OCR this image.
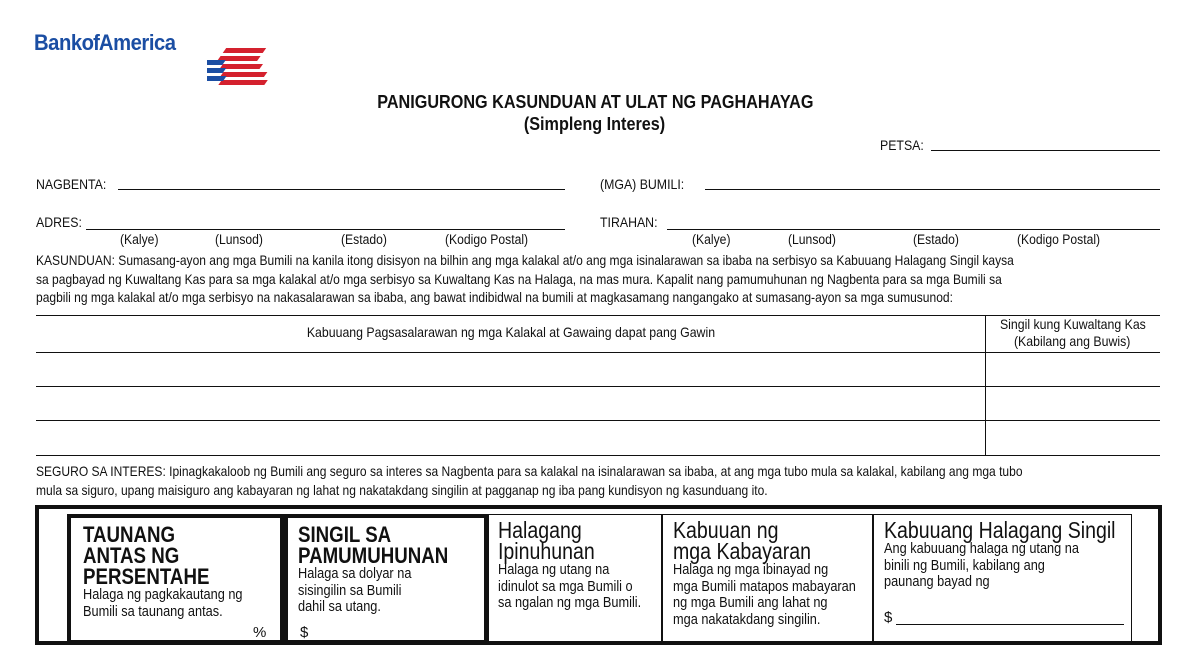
BankofAmerica
PANIGURONG KASUNDUAN AT ULAT NG PAGHAHAYAG
(Simpleng Interes)
PETSA:
NAGBENTA:	(MGA) BUMILI:
ADRES:	TIRAHAN:
(Kalye)	(Lunsod)	(Estado)	(Kodigo Postal)	(Kalye)	(Lunsod)	(Estado)	(Kodigo Postal)
KASUNDUAN: Sumasang-ayon ang mga Bumili na kanila itong disisyon na bilhin ang mga kalakal at/o ang mga isinalarawan sa ibaba na serbisyo sa Kabuuang Halagang Singil kaysa
sa pagbayad ng Kuwaltang Kas para sa mga kalakal at/o mga serbisyo sa Kuwaltang Kas na Halaga, na mas mura. Kapalit nang pamumuhunan ng Nagbenta para sa mga Bumili sa
pagbili ng mga kalakal at/o mga serbisyo na nakasalarawan sa ibaba, ang bawat indibidwal na bumili at magkasamang nangangako at sumasang-ayon sa mga sumusunod:
Kabuuang Pagsasalarawan ng mga Kalakal at Gawaing dapat pang Gawin	Singil kung Kuwaltang Kas
(Kabilang ang Buwis)
SEGURO SA INTERES: Ipinagkakaloob ng Bumili ang seguro sa interes sa Nagbenta para sa kalakal na isinalarawan sa ibaba, at ang mga tubo mula sa kalakal, kabilang ang mga tubo
mula sa siguro, upang maisiguro ang kabayaran ng lahat ng nakatakdang singilin at pagganap ng iba pang kundisyon ng kasunduang ito.
TAUNANG
ANTAS NG
PERSENTAHE
Halaga ng pagkakautang ng
Bumili sa taunang antas.
%
SINGIL SA
PAMUMUHUNAN
Halaga sa dolyar na
sisingilin sa Bumili
dahil sa utang.
$
Halagang
Ipinuhunan
Halaga ng utang na
idinulot sa mga Bumili o
sa ngalan ng mga Bumili.
Kabuuan ng
mga Kabayaran
Halaga ng mga ibinayad ng
mga Bumili matapos mabayaran
ng mga Bumili ang lahat ng
mga nakatakdang singilin.
Kabuuang Halagang Singil
Ang kabuuang halaga ng utang na
binili ng Bumili, kabilang ang
paunang bayad ng
$
